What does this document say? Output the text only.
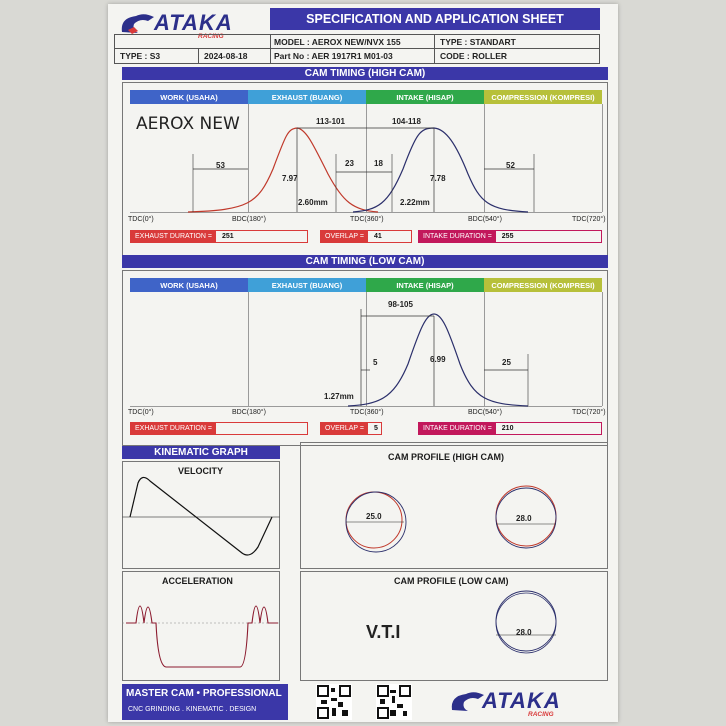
ATAKA
RACING
SPECIFICATION AND APPLICATION SHEET
TYPE : S3	2024-08-18
MODEL : AEROX NEW/NVX 155
Part No : AER 1917R1 M01-03
TYPE : STANDART
CODE : ROLLER
CAM TIMING (HIGH CAM)
WORK (USAHA)	EXHAUST (BUANG)	INTAKE (HISAP)	COMPRESSION (KOMPRESI)
AEROX NEW	113-101	104-118
53	23	18	52
7.97	7.78
2.60mm	2.22mm
TDC(0°)	BDC(180°)	TDC(360°)	BDC(540°)	TDC(720°)
EXHAUST DURATION =	251	OVERLAP =	41	INTAKE DURATION =	255
CAM TIMING (LOW CAM)
WORK (USAHA)	EXHAUST (BUANG)	INTAKE (HISAP)	COMPRESSION (KOMPRESI)
98-105
5	6.99	25
1.27mm
TDC(0°)	BDC(180°)	TDC(360°)	BDC(540°)	TDC(720°)
EXHAUST DURATION =	OVERLAP =	5	INTAKE DURATION =	210
KINEMATIC GRAPH
VELOCITY
ACCELERATION
CAM PROFILE (HIGH CAM)
25.0	28.0
CAM PROFILE (LOW CAM)
V.T.I	28.0
MASTER CAM • PROFESSIONAL
CNC GRINDING . KINEMATIC . DESIGN	ATAKA
RACING
